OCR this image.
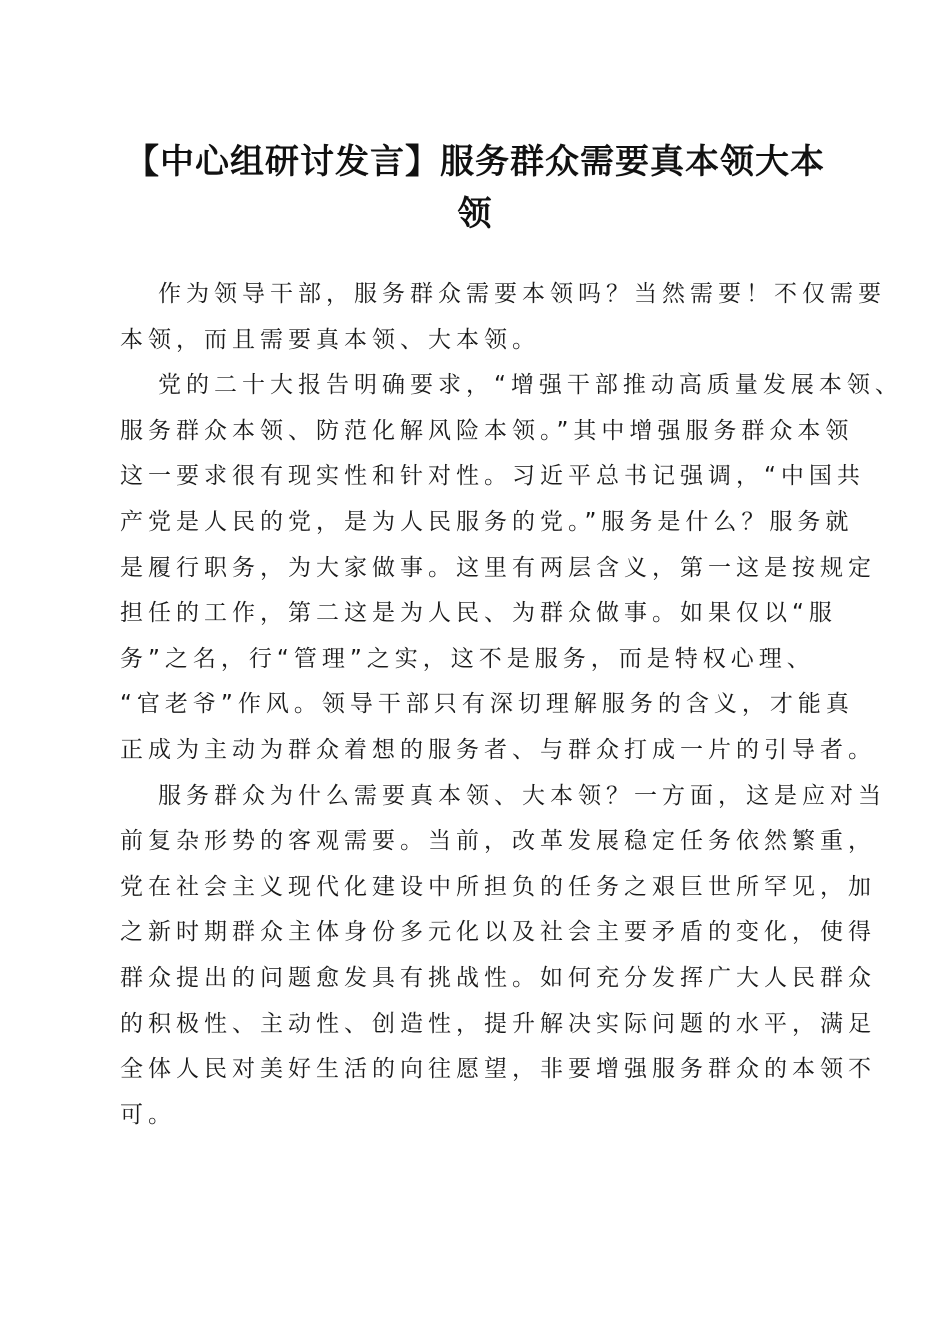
【中心组研讨发言】服务群众需要真本领大本
领
作为领导干部，服务群众需要本领吗？当然需要！不仅需要
本领，而且需要真本领、大本领。
党的二十大报告明确要求，“增强干部推动高质量发展本领、
服务群众本领、防范化解风险本领。”其中增强服务群众本领
这一要求很有现实性和针对性。习近平总书记强调，“中国共
产党是人民的党，是为人民服务的党。”服务是什么？服务就
是履行职务，为大家做事。这里有两层含义，第一这是按规定
担任的工作，第二这是为人民、为群众做事。如果仅以“服
务”之名，行“管理”之实，这不是服务，而是特权心理、
“官老爷”作风。领导干部只有深切理解服务的含义，才能真
正成为主动为群众着想的服务者、与群众打成一片的引导者。
服务群众为什么需要真本领、大本领？一方面，这是应对当
前复杂形势的客观需要。当前，改革发展稳定任务依然繁重，
党在社会主义现代化建设中所担负的任务之艰巨世所罕见，加
之新时期群众主体身份多元化以及社会主要矛盾的变化，使得
群众提出的问题愈发具有挑战性。如何充分发挥广大人民群众
的积极性、主动性、创造性，提升解决实际问题的水平，满足
全体人民对美好生活的向往愿望，非要增强服务群众的本领不
可。
